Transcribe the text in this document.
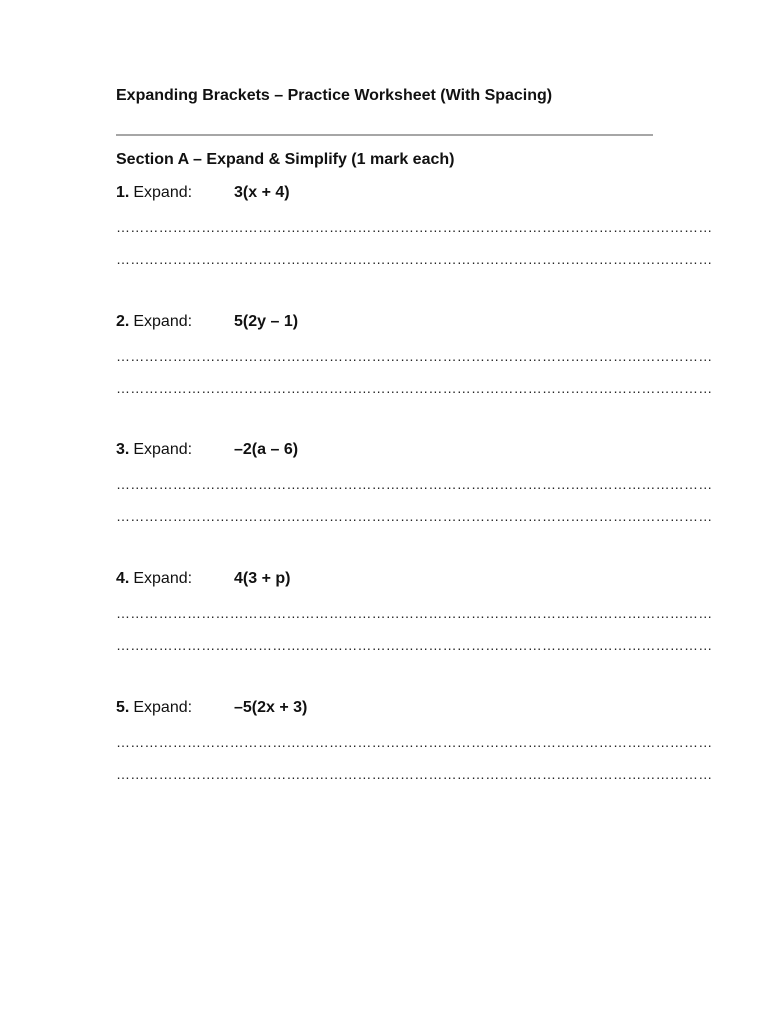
Expanding Brackets – Practice Worksheet (With Spacing)
Section A – Expand & Simplify (1 mark each)
1. Expand:	3(x + 4)
………………………………………………………………………………………………………………
………………………………………………………………………………………………………………
2. Expand:	5(2y – 1)
………………………………………………………………………………………………………………
………………………………………………………………………………………………………………
3. Expand:	–2(a – 6)
………………………………………………………………………………………………………………
………………………………………………………………………………………………………………
4. Expand:	4(3 + p)
………………………………………………………………………………………………………………
………………………………………………………………………………………………………………
5. Expand:	–5(2x + 3)
………………………………………………………………………………………………………………
………………………………………………………………………………………………………………
